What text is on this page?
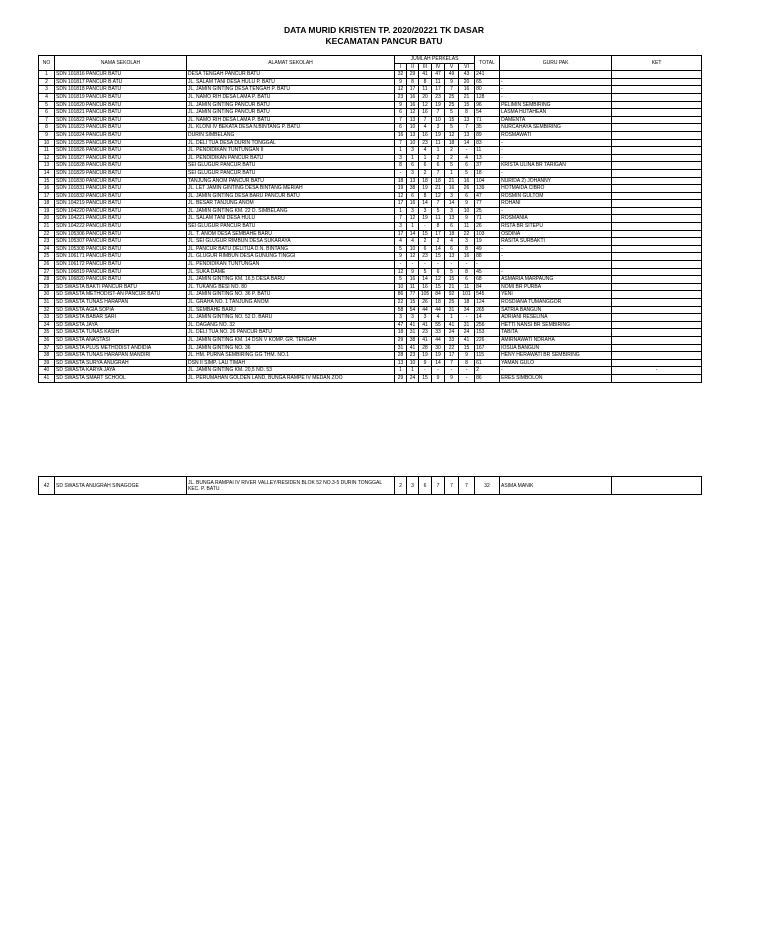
DATA MURID KRISTEN TP. 2020/20221 TK DASAR
KECAMATAN PANCUR BATU
NO	NAMA SEKOLAH	ALAMAT SEKOLAH	JUMLAH PERKELAS						TOTAL	GURU PAK	KET
			I	II	III	IV	V	VI			
1	SDN 101816 PANCUR BATU	DESA TENGAH PANCUR BATU	32	29	41	47	49	43	241		
2	SDN 101817 PANCUR B ATU	JL. SALAM TANI DESA HULU P. BATU	9	8	8	11	9	20	65	-	
3	SDN 101818 PANCUR BATU	JL. JAMIN GINTING DESA TENGAH P. BATU	12	17	11	17	7	16	80	-	
4	SDN 101819 PANCUR BATU	JL. NAMO RIH DESA LAMA P. BATU	23	16	20	23	25	21	128	-	
5	SDN 101820 PANCUR BATU	JL. JAMIN GINTING PANCUR BATU	9	16	12	19	25	15	96	PELIMIN SEMBIRING	
6	SDN 101821 PANCUR BATU	JL. JAMIN GINTING PANCUR BATU	6	12	16	7	5	8	54	LASMA HUTAHEAN	
7	SDN 101822 PANCUR BATU	JL. NAMO RIH DESA LAMA P. BATU	7	13	7	10	15	13	71	DAMENTA	
8	SDN 101823 PANCUR BATU	JL. KLONI IV BEKATA DESA N.BINTANG P. BATU	6	10	4	3	5	7	35	NURCAHAYA SEMBIRING	
9	SDN 101824 PANCUR BATU	DURIN SIMBELANG	16	13	16	19	12	13	89	ROSMAWATI	
10	SDN 101825 PANCUR BATU	JL. DELI TUA DESA DURIN TONGGAL	7	10	23	11	18	14	83	-	
11	SDN 101826 PANCUR BATU	JL. PENDIDIKAN TUNTUNGAN II	1	3	4	1	2	-	11	-	
12	SDN 101827 PANCUR BATU	JL. PENDIDIKAN PANCUR BATU	3	1	1	2	2	4	13	-	
13	SDN 101828 PANCUR BATU	SEI GLUGUR PANCUR BATU	8	6	6	6	5	6	37	KRISTA ULINA BR TARIGAN	
14	SDN 101829 PANCUR BATU	SEI GLUGUR PANCUR BATU	-	3	2	7	1	5	18	-	
15	SDN 101830 PANCUR BATU	TANJUNG ANOM PANCUR BATU	18	13	18	18	21	16	104	NURIDA 2) JOHANNY	
16	SDN 101831 PANCUR BATU	JL. LET JAMIN GINTING DESA BINTANG MERIAH	19	38	19	21	16	26	139	HOTMAIDA CIBRO	
17	SDN 101832 PANCUR BATU	JL. JAMIN GINTING DESA BARU PANCUR BATU	12	6	8	12	3	6	47	ROSMIN GULTOM	
18	SDN 104219 PANCUR BATU	JL. BESAR TANJUNG ANOM	17	16	14	7	14	9	77	ROHANI	
19	SDN 104220 PANCUR BATU	JL. JAMIN GINTING KM. 22 D. SIMBELANG	1	3	3	5	3	10	25	-	
20	SDN 104221 PANCUR BATU	JL. SALAM TANI DESA HULU	7	12	19	11	13	9	71	ROSMANIA	
21	SDN 104222 PANCUR BATU	SEI GLUGUR PANCUR BATU	3	1	-	8	6	11	26	RISTA BR SITEPU	
22	SDN 105306 PANCUR BATU	JL. T. ANOM DESA SEMBAHE BARU	17	14	15	17	18	22	103	OSDINA	
23	SDN 105307 PANCUR BATU	JL. SEI GLUGUR RIMBUN DESA SUKARAYA	4	4	2	2	4	3	19	RASITA SURBAKTI	
24	SDN 105308 PANCUR BATU	JL. PANCUR BATU DELITUA D.N. BINTANG	5	10	6	14	6	8	49	-	
25	SDN 106171 PANCUR BATU	JL. GLUGUR RIMBUN DESA GUNUNG TINGGI	9	12	23	15	13	16	88	-	
26	SDN 106172 PANCUR BATU	JL. PENDIDIKAN TUNTUNGAN	-	-	-	-	-	-	-		
27	SDN 106819 PANCUR BATU	JL. SUKA DAME	12	9	5	6	5	8	45	-	
28	SDN 106820 PANCUR BATU	JL. JAMIN GINTING KM. 16,5 DESA BARU	5	16	14	12	15	6	68	ASMARIA MARPAUNG	
29	SD SWASTA BAKTI PANCUR BATU	JL. TUKANG BESI NO. 80	10	11	16	15	21	11	84	NOMI BR PURBA	
30	SD SWASTA METHODIST-AN PANCUR BATU	JL. JAMIN GINTING NO. 36 P. BATU	86	77	105	84	92	101	545	YENI	
31	SD SWASTA TUNAS HARAPAN	JL. GRAHA NO. 1 TANJUNG ANOM	22	15	26	18	25	18	124	ROSDIANA TUMANGGOR	
32	SD SWASTA AGIA SOPIA	JL. SEMBAHE BARU	58	54	44	44	31	34	265	SATRIA BANGUN	
33	SD SWASTA BABAR SARI	JL. JAMIN GINTING NO. 52 D. BARU	3	3	3	4	1	-	14	ADRIANI RESELINA	
34	SD SWASTA JAYA	JL. DAGANG NO. 32	47	41	41	55	41	31	256	HETTI NANSI BR SEMBIRING	
35	SD SWASTA TUNAS KASIH	JL. DELI TUA NO. 26 PANCUR BATU	18	31	23	33	24	24	153	TABITA	
36	SD SWASTA ANASTASI	JL. JAMIN GINTING KM. 14 DSN V KOMP. GR. TENGAH	29	38	41	44	33	41	226	AMIRNAWATI NDRAHA	
37	SD SWASTA PLUS METHODIST ANDIDIA	JL. JAMIN GINTING NO. 36	31	41	28	30	22	15	167	IOSUA BANGUN	
38	SD SWASTA TUNAS HARAPAN MANDIRI	JL. HM. PURNA SEMBIRING GG THM. NO.1	28	23	19	19	17	9	115	HENY HERAWATI BR SEMBIRING	
39	SD SWASTA SURYA ANUGRAH	DSN II SIMP. LAU TIMAH	13	10	9	14	7	8	61	YAMAN GULO	
40	SD SWASTA KARYA JAYA	JL. JAMIN GINTING KM. 20,5 NO. 53	1	1	-	-	-	-	2	-	-
41	SD SWASTA SMART SCHOOL	JL. PERUMAHAN GOLDEN LAND, BUNGA RAMPE IV MEDAN ZOO	29	24	15	9	9	-	86	ERES SIMBOLON	
42	SD SWASTA ANUGRAH SINAGOGE	JL. BUNGA RAMPAI IV RIVER VALLEY/RESIDEN BLOK 52 NO.3-5 DURIN TONGGAL KEC. P. BATU	2	3	6	7	7	7	32	ASIMA MANIK	
